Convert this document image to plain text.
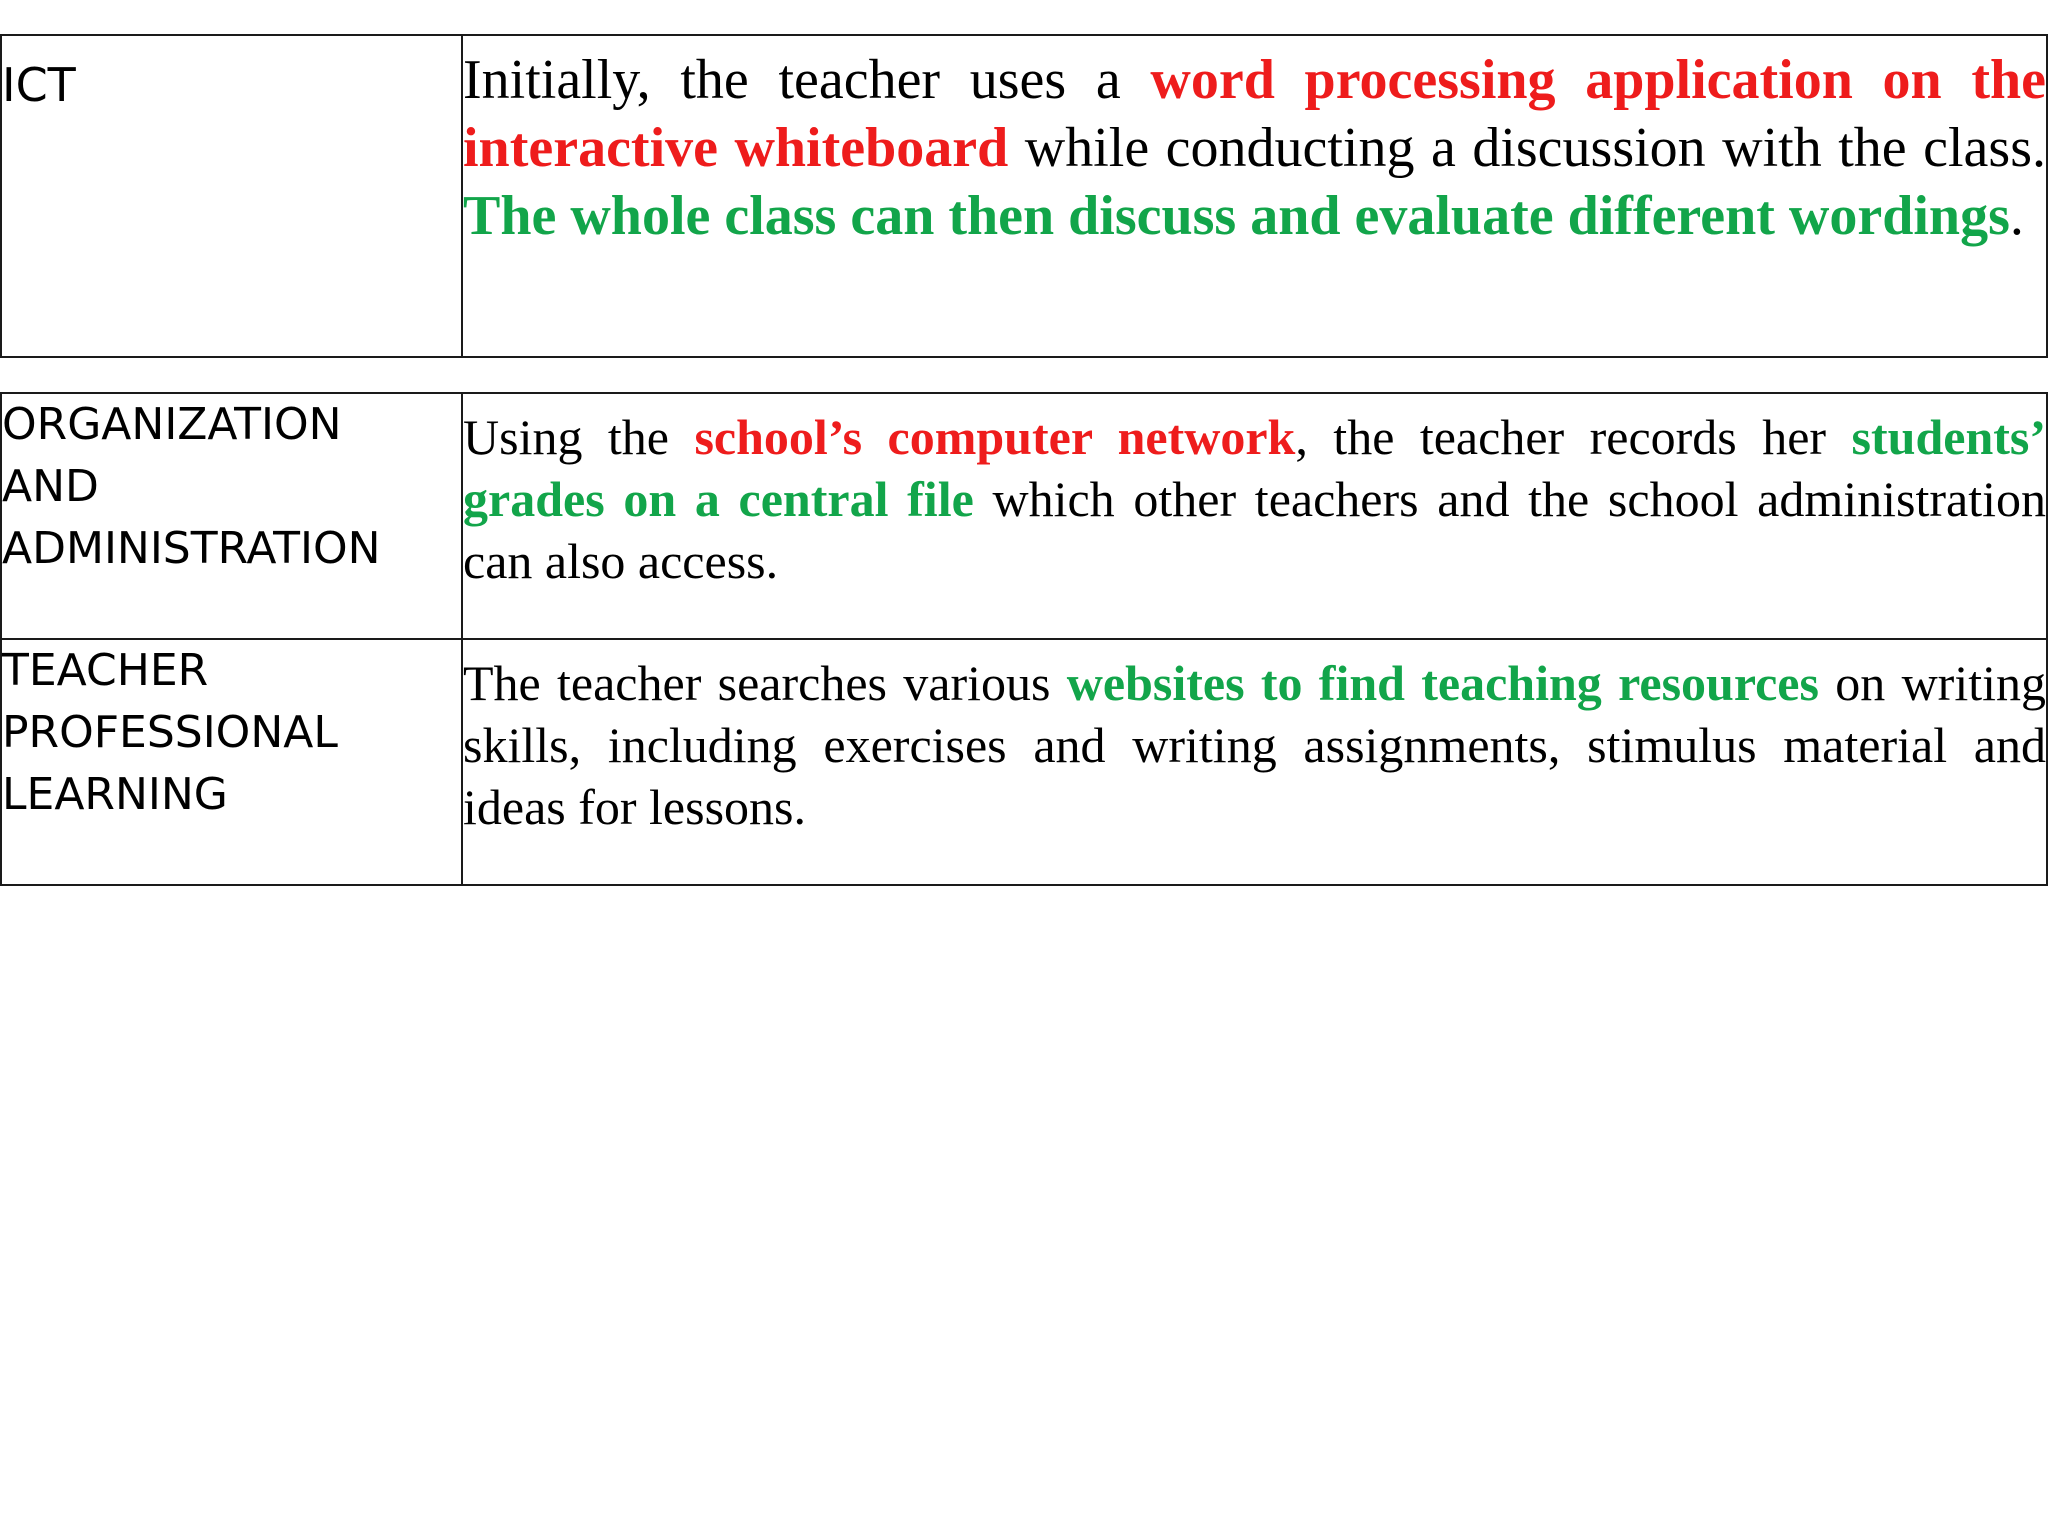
ICT	Initially, the teacher uses a word processing application on the interactive whiteboard while conducting a discussion with the class. The whole class can then discuss and evaluate different wordings.
ORGANIZATION
AND
ADMINISTRATION	Using the school’s computer network, the teacher records her students’ grades on a central file which other teachers and the school administration can also access.

TEACHER
PROFESSIONAL
LEARNING	The teacher searches various websites to find teaching resources on writing skills, including exercises and writing assignments, stimulus material and ideas for lessons.
